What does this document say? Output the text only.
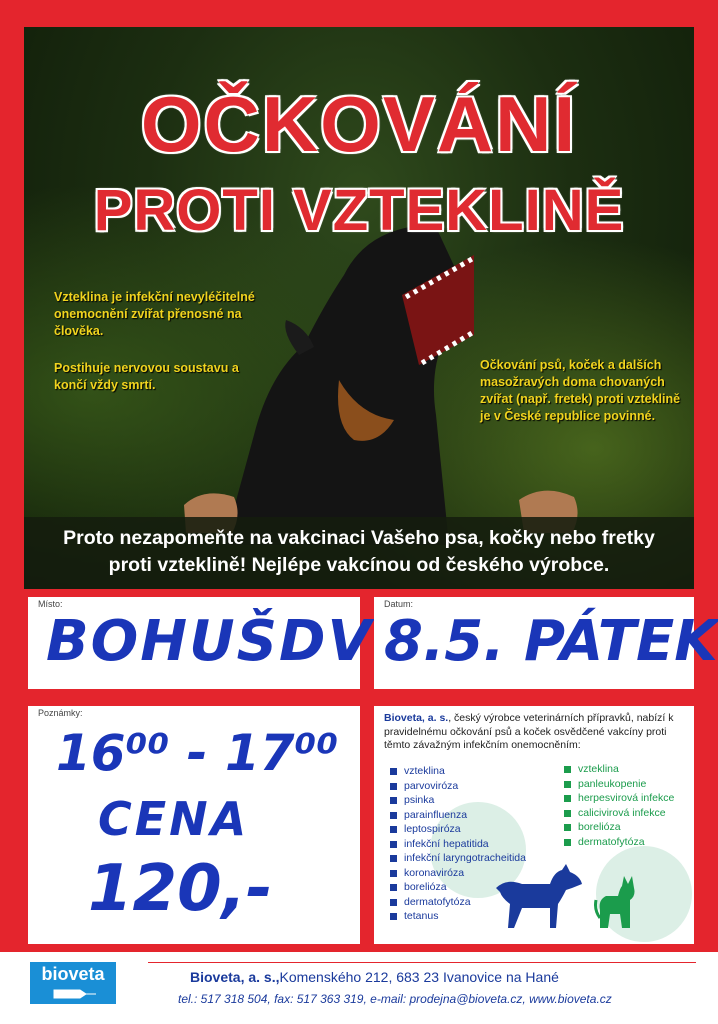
OČKOVÁNÍ
PROTI VZTEKLINĚ

Vzteklina je infekční nevyléčitelné onemocnění zvířat přenosné na člověka.

Postihuje nervovou soustavu a končí vždy smrtí.

Očkování psů, koček a dalších masožravých doma chovaných zvířat (např. fretek) proti vzteklině je v České republice povinné.

Proto nezapomeňte na vakcinaci Vašeho psa, kočky nebo fretky

proti vzteklině! Nejlépe vakcínou od českého výrobce.

Místo:

BOHUŠDV

Datum:

8.5. PÁTEK

Poznámky:

16⁰⁰ - 17⁰⁰

CENA

120,-

Bioveta, a. s., český výrobce veterinárních přípravků, nabízí k pravidelnému očkování psů a koček osvědčené vakcíny proti těmto závažným infekčním onemocněním:

vzteklina
parvoviróza
psinka
parainfluenza
leptospiróza
infekční hepatitida
infekční laryngotracheitida
koronaviróza
borelióza
dermatofytóza
tetanus
vzteklina
panleukopenie
herpesvirová infekce
calicivirová infekce
borelióza
dermatofytóza

bioveta	Bioveta, a. s.,Komenského 212, 683 23 Ivanovice na Hané

tel.: 517 318 504, fax: 517 363 319, e-mail: prodejna@bioveta.cz, www.bioveta.cz
